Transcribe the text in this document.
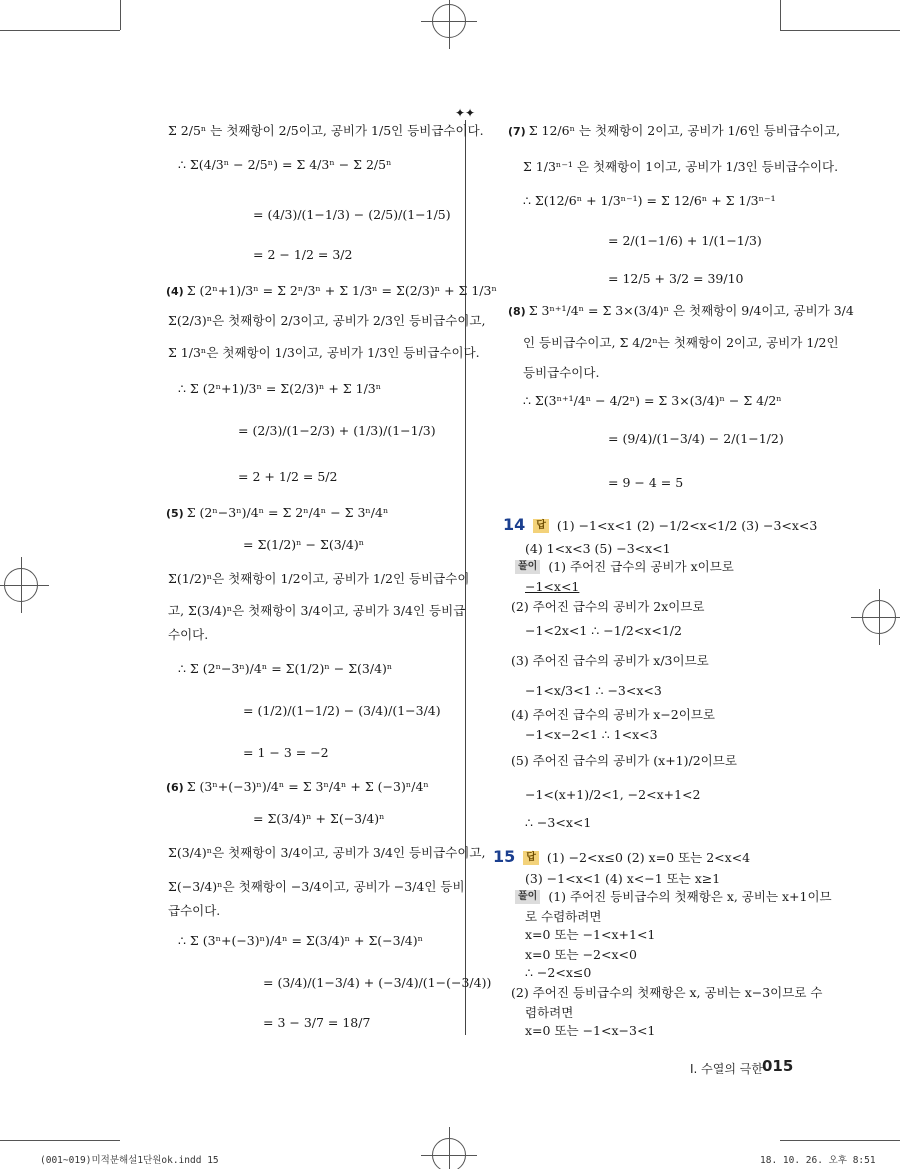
✦✦
Σ 2/5ⁿ 는 첫째항이 2/5이고, 공비가 1/5인 등비급수이다.
∴ Σ(4/3ⁿ − 2/5ⁿ) = Σ 4/3ⁿ − Σ 2/5ⁿ
= (4/3)/(1−1/3) − (2/5)/(1−1/5)
= 2 − 1/2 = 3/2
(4) Σ (2ⁿ+1)/3ⁿ = Σ 2ⁿ/3ⁿ + Σ 1/3ⁿ = Σ(2/3)ⁿ + Σ 1/3ⁿ
Σ(2/3)ⁿ은 첫째항이 2/3이고, 공비가 2/3인 등비급수이고,
Σ 1/3ⁿ은 첫째항이 1/3이고, 공비가 1/3인 등비급수이다.
∴ Σ (2ⁿ+1)/3ⁿ = Σ(2/3)ⁿ + Σ 1/3ⁿ
= (2/3)/(1−2/3) + (1/3)/(1−1/3)
= 2 + 1/2 = 5/2
(5) Σ (2ⁿ−3ⁿ)/4ⁿ = Σ 2ⁿ/4ⁿ − Σ 3ⁿ/4ⁿ
= Σ(1/2)ⁿ − Σ(3/4)ⁿ
Σ(1/2)ⁿ은 첫째항이 1/2이고, 공비가 1/2인 등비급수이
고, Σ(3/4)ⁿ은 첫째항이 3/4이고, 공비가 3/4인 등비급
수이다.
∴ Σ (2ⁿ−3ⁿ)/4ⁿ = Σ(1/2)ⁿ − Σ(3/4)ⁿ
= (1/2)/(1−1/2) − (3/4)/(1−3/4)
= 1 − 3 = −2
(6) Σ (3ⁿ+(−3)ⁿ)/4ⁿ = Σ 3ⁿ/4ⁿ + Σ (−3)ⁿ/4ⁿ
= Σ(3/4)ⁿ + Σ(−3/4)ⁿ
Σ(3/4)ⁿ은 첫째항이 3/4이고, 공비가 3/4인 등비급수이고,
Σ(−3/4)ⁿ은 첫째항이 −3/4이고, 공비가 −3/4인 등비
급수이다.
∴ Σ (3ⁿ+(−3)ⁿ)/4ⁿ = Σ(3/4)ⁿ + Σ(−3/4)ⁿ
= (3/4)/(1−3/4) + (−3/4)/(1−(−3/4))
= 3 − 3/7 = 18/7
(7) Σ 12/6ⁿ 는 첫째항이 2이고, 공비가 1/6인 등비급수이고,
Σ 1/3ⁿ⁻¹ 은 첫째항이 1이고, 공비가 1/3인 등비급수이다.
∴ Σ(12/6ⁿ + 1/3ⁿ⁻¹) = Σ 12/6ⁿ + Σ 1/3ⁿ⁻¹
= 2/(1−1/6) + 1/(1−1/3)
= 12/5 + 3/2 = 39/10
(8) Σ 3ⁿ⁺¹/4ⁿ = Σ 3×(3/4)ⁿ 은 첫째항이 9/4이고, 공비가 3/4
인 등비급수이고, Σ 4/2ⁿ는 첫째항이 2이고, 공비가 1/2인
등비급수이다.
∴ Σ(3ⁿ⁺¹/4ⁿ − 4/2ⁿ) = Σ 3×(3/4)ⁿ − Σ 4/2ⁿ
= (9/4)/(1−3/4) − 2/(1−1/2)
= 9 − 4 = 5
14 답 (1) −1<x<1 (2) −1/2<x<1/2 (3) −3<x<3
(4) 1<x<3 (5) −3<x<1
풀이 (1) 주어진 급수의 공비가 x이므로
−1<x<1
(2) 주어진 급수의 공비가 2x이므로
−1<2x<1 ∴ −1/2<x<1/2
(3) 주어진 급수의 공비가 x/3이므로
−1<x/3<1 ∴ −3<x<3
(4) 주어진 급수의 공비가 x−2이므로
−1<x−2<1 ∴ 1<x<3
(5) 주어진 급수의 공비가 (x+1)/2이므로
−1<(x+1)/2<1, −2<x+1<2
∴ −3<x<1
15 답 (1) −2<x≤0 (2) x=0 또는 2<x<4
(3) −1<x<1 (4) x<−1 또는 x≥1
풀이 (1) 주어진 등비급수의 첫째항은 x, 공비는 x+1이므
로 수렴하려면
x=0 또는 −1<x+1<1
x=0 또는 −2<x<0
∴ −2<x≤0
(2) 주어진 등비급수의 첫째항은 x, 공비는 x−3이므로 수
렴하려면
x=0 또는 −1<x−3<1
I. 수열의 극한 015
(001~019)미적분해설1단원ok.indd 15	18. 10. 26. 오후 8:51
